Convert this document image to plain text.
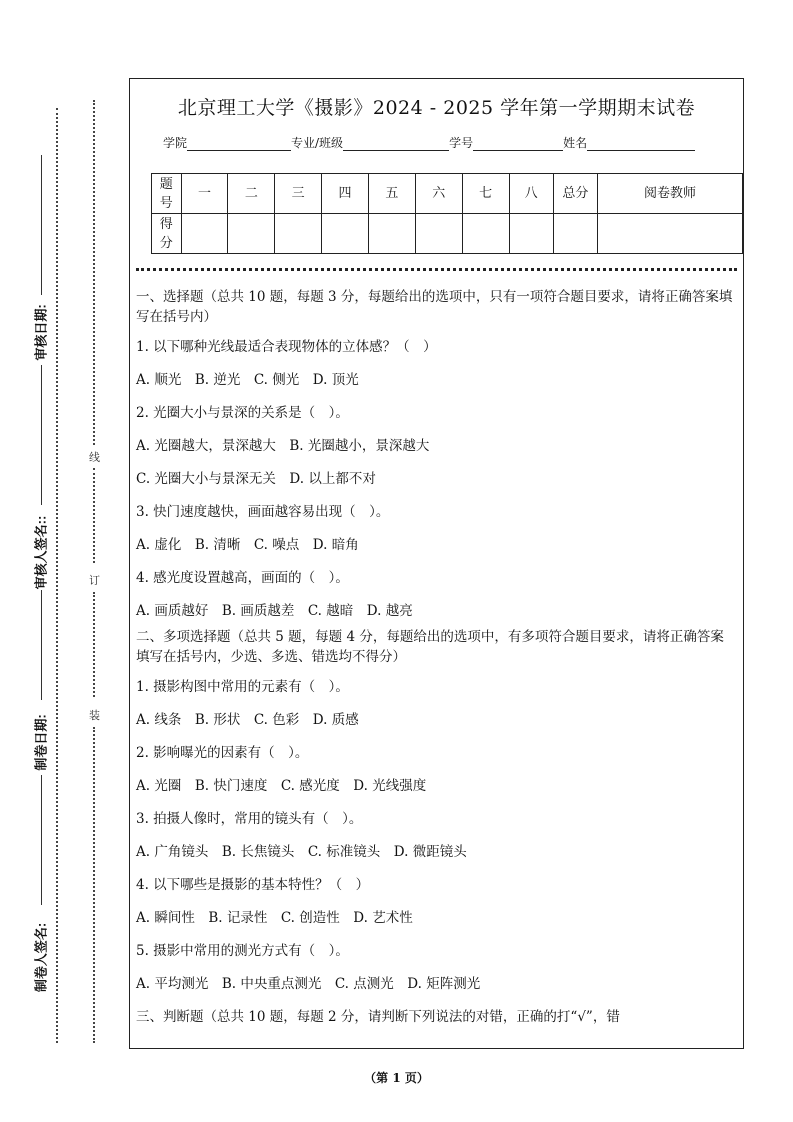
审核日期:
审核人签名::
制卷日期:
制卷人签名:
线
订
装
北京理工大学《摄影》2024 - 2025 学年第一学期期末试卷
学院	专业/班级	学号	姓名
题号	一	二	三	四	五	六	七	八	总分	阅卷教师
得分										

一、选择题（总共 10 题，每题 3 分，每题给出的选项中，只有一项符合题目要求，请将正确答案填写在括号内）

1. 以下哪种光线最适合表现物体的立体感？（　）

A. 顺光　B. 逆光　C. 侧光　D. 顶光

2. 光圈大小与景深的关系是（　）。

A. 光圈越大，景深越大　B. 光圈越小，景深越大

C. 光圈大小与景深无关　D. 以上都不对

3. 快门速度越快，画面越容易出现（　）。

A. 虚化　B. 清晰　C. 噪点　D. 暗角

4. 感光度设置越高，画面的（　）。

A. 画质越好　B. 画质越差　C. 越暗　D. 越亮

二、多项选择题（总共 5 题，每题 4 分，每题给出的选项中，有多项符合题目要求，请将正确答案填写在括号内，少选、多选、错选均不得分）

1. 摄影构图中常用的元素有（　）。

A. 线条　B. 形状　C. 色彩　D. 质感

2. 影响曝光的因素有（　）。

A. 光圈　B. 快门速度　C. 感光度　D. 光线强度

3. 拍摄人像时，常用的镜头有（　）。

A. 广角镜头　B. 长焦镜头　C. 标准镜头　D. 微距镜头

4. 以下哪些是摄影的基本特性？（　）

A. 瞬间性　B. 记录性　C. 创造性　D. 艺术性

5. 摄影中常用的测光方式有（　）。

A. 平均测光　B. 中央重点测光　C. 点测光　D. 矩阵测光

三、判断题（总共 10 题，每题 2 分，请判断下列说法的对错，正确的打“√”，错

（第 1 页）
